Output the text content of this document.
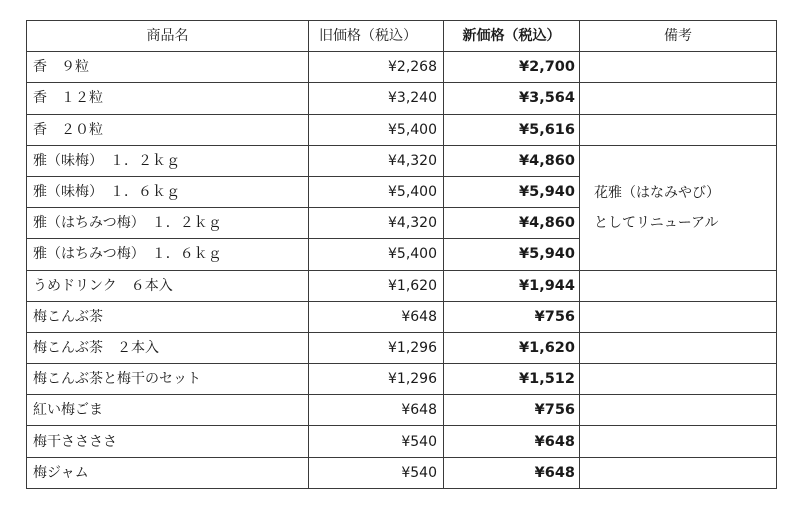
商品名	旧価格（税込）	新価格（税込）	備考
香　９粒	¥2,268	¥2,700	
香　１２粒	¥3,240	¥3,564	
香　２０粒	¥5,400	¥5,616	
雅（味梅）　１．２ｋｇ	¥4,320	¥4,860	花雅（はなみやび）
としてリニューアル

雅（味梅）　１．６ｋｇ	¥5,400	¥5,940	
雅（はちみつ梅）　１．２ｋｇ	¥4,320	¥4,860	
雅（はちみつ梅）　１．６ｋｇ	¥5,400	¥5,940	
うめドリンク　６本入	¥1,620	¥1,944	
梅こんぶ茶	¥648	¥756	
梅こんぶ茶　２本入	¥1,296	¥1,620	
梅こんぶ茶と梅干のセット	¥1,296	¥1,512	
紅い梅ごま	¥648	¥756	
梅干ささささ	¥540	¥648	
梅ジャム	¥540	¥648	
